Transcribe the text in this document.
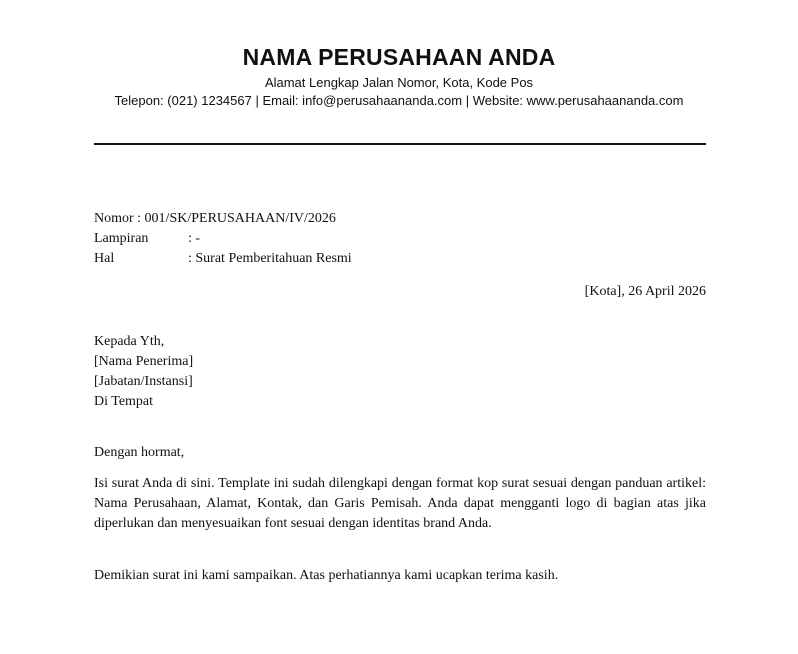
NAMA PERUSAHAAN ANDA
Alamat Lengkap Jalan Nomor, Kota, Kode Pos
Telepon: (021) 1234567 | Email: info@perusahaananda.com | Website: www.perusahaananda.com
Nomor : 001/SK/PERUSAHAAN/IV/2026
Lampiran	: -
Hal	: Surat Pemberitahuan Resmi
[Kota], 26 April 2026
Kepada Yth,
[Nama Penerima]
[Jabatan/Instansi]
Di Tempat
Dengan hormat,
Isi surat Anda di sini. Template ini sudah dilengkapi dengan format kop surat sesuai dengan panduan artikel: Nama Perusahaan, Alamat, Kontak, dan Garis Pemisah. Anda dapat mengganti logo di bagian atas jika diperlukan dan menyesuaikan font sesuai dengan identitas brand Anda.
Demikian surat ini kami sampaikan. Atas perhatiannya kami ucapkan terima kasih.
